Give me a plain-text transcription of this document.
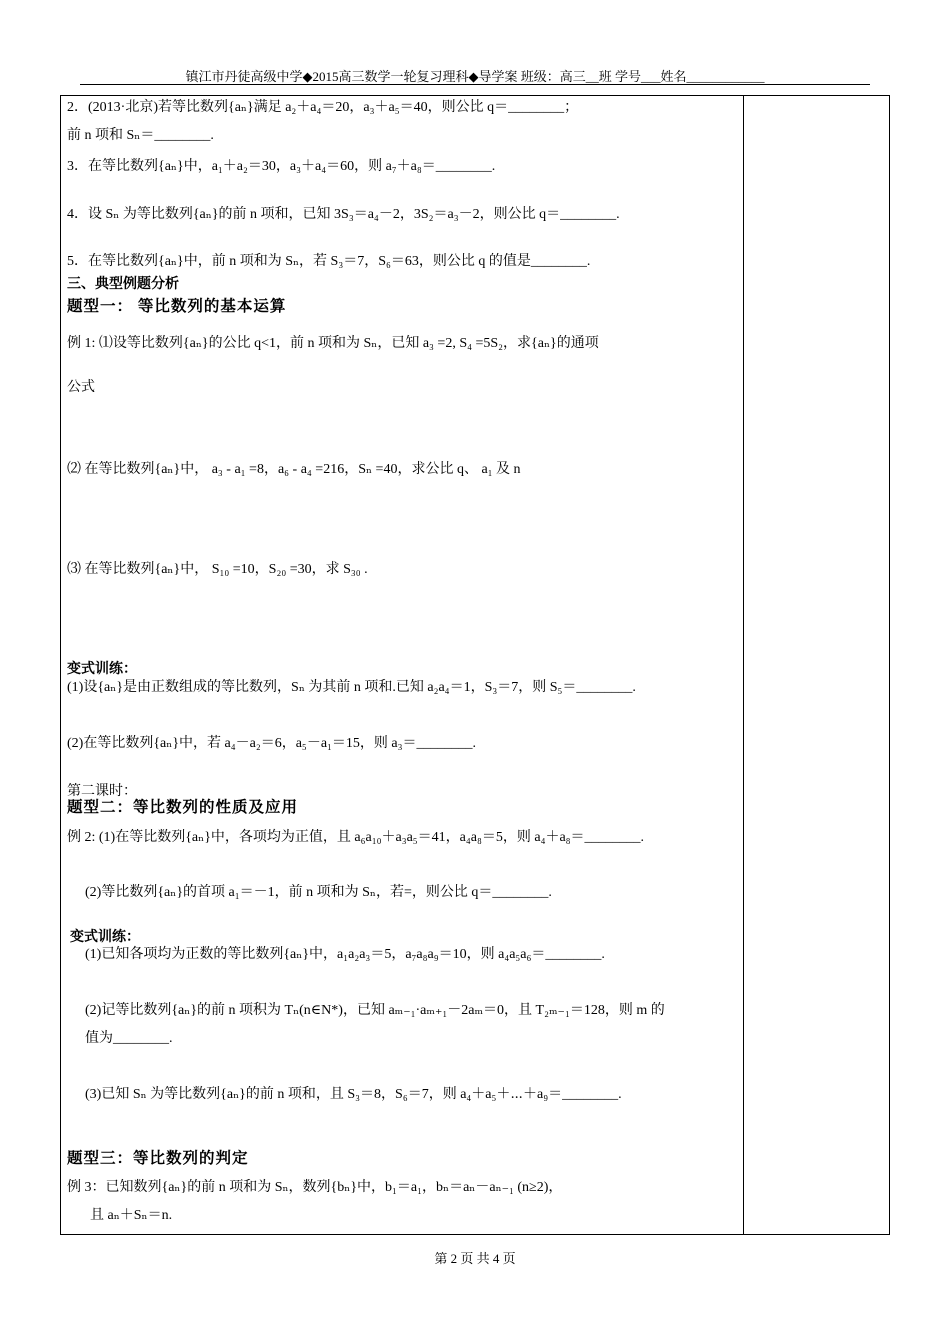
镇江市丹徒高级中学◆2015高三数学一轮复习理科◆导学案 班级：高三__班 学号___姓名____________
2．(2013·北京)若等比数列{aₙ}满足 a₂＋a₄＝20，a₃＋a₅＝40，则公比 q＝________；
前 n 项和 Sₙ＝________.
3．在等比数列{aₙ}中，a₁＋a₂＝30，a₃＋a₄＝60，则 a₇＋a₈＝________.
4．设 Sₙ 为等比数列{aₙ}的前 n 项和，已知 3S₃＝a₄－2，3S₂＝a₃－2，则公比 q＝________.
5．在等比数列{aₙ}中，前 n 项和为 Sₙ，若 S₃＝7，S₆＝63，则公比 q 的值是________.
三、典型例题分析
题型一： 等比数列的基本运算
例 1: ⑴设等比数列{aₙ}的公比 q<1，前 n 项和为 Sₙ，已知 a₃ =2, S₄ =5S₂，求{aₙ}的通项
公式
⑵ 在等比数列{aₙ}中， a₃ - a₁ =8，a₆ - a₄ =216，Sₙ =40，求公比 q、 a₁ 及 n
⑶ 在等比数列{aₙ}中， S₁₀ =10，S₂₀ =30，求 S₃₀ .
变式训练：
(1)设{aₙ}是由正数组成的等比数列，Sₙ 为其前 n 项和.已知 a₂a₄＝1，S₃＝7，则 S₅＝________.
(2)在等比数列{aₙ}中，若 a₄－a₂＝6，a₅－a₁＝15，则 a₃＝________.
第二课时：
题型二：等比数列的性质及应用
例 2: (1)在等比数列{aₙ}中，各项均为正值，且 a₆a₁₀＋a₃a₅＝41，a₄a₈＝5，则 a₄＋a₈＝________.
(2)等比数列{aₙ}的首项 a₁＝－1，前 n 项和为 Sₙ，若=，则公比 q＝________.
变式训练：
(1)已知各项均为正数的等比数列{aₙ}中，a₁a₂a₃＝5，a₇a₈a₉＝10，则 a₄a₅a₆＝________.
(2)记等比数列{aₙ}的前 n 项积为 Tₙ(n∈N*)，已知 aₘ₋₁·aₘ₊₁－2aₘ＝0，且 T₂ₘ₋₁＝128，则 m 的
值为________.
(3)已知 Sₙ 为等比数列{aₙ}的前 n 项和，且 S₃＝8，S₆＝7，则 a₄＋a₅＋⋯＋a₉＝________.
题型三：等比数列的判定
例 3：已知数列{aₙ}的前 n 项和为 Sₙ，数列{bₙ}中，b₁＝a₁，bₙ＝aₙ－aₙ₋₁ (n≥2)，
且 aₙ＋Sₙ＝n.
第 2 页 共 4 页
